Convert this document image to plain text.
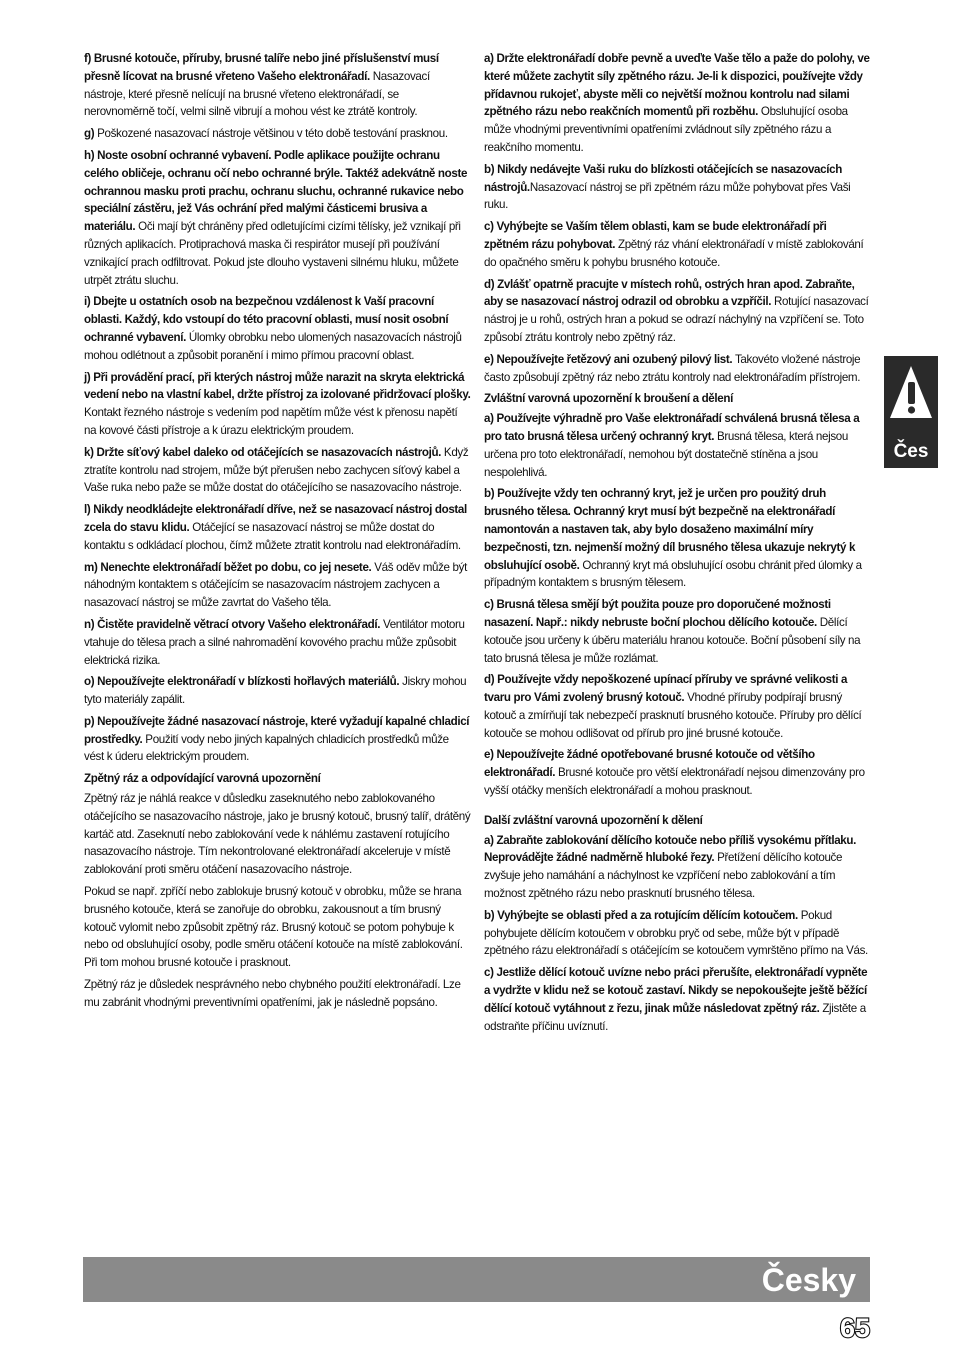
f) Brusné kotouče, příruby, brusné talíře nebo jiné příslušenství musí přesně lícovat na brusné vřeteno Vašeho elektronářadí. Nasazovací nástroje, které přesně nelícují na brusné vřeteno elektronářadí, se nerovnoměrně točí, velmi silně vibrují a mohou vést ke ztrátě kontroly.

g) Poškozené nasazovací nástroje většinou v této době testování prasknou.

h) Noste osobní ochranné vybavení. Podle aplikace použijte ochranu celého obličeje, ochranu očí nebo ochranné brýle. Taktéž adekvátně noste ochrannou masku proti prachu, ochranu sluchu, ochranné rukavice nebo speciální zástěru, jež Vás ochrání před malými částicemi brusiva a materiálu. Oči mají být chráněny před odletujícími cizími tělísky, jež vznikají při různých aplikacích. Protiprachová maska či respirátor musejí při používání vznikající prach odfiltrovat. Pokud jste dlouho vystaveni silnému hluku, můžete utrpět ztrátu sluchu.

i) Dbejte u ostatních osob na bezpečnou vzdálenost k Vaší pracovní oblasti. Každý, kdo vstoupí do této pracovní oblasti, musí nosit osobní ochranné vybavení. Úlomky obrobku nebo ulomených nasazovacích nástrojů mohou odlétnout a způsobit poranění i mimo přímou pracovní oblast.

j) Při provádění prací, při kterých nástroj může narazit na skryta elektrická vedení nebo na vlastní kabel, držte přístroj za izolované přidržovací plošky. Kontakt řezného nástroje s vedením pod napětím může vést k přenosu napětí na kovové části přístroje a k úrazu elektrickým proudem.

k) Držte síťový kabel daleko od otáčejících se nasazovacích nástrojů. Když ztratíte kontrolu nad strojem, může být přerušen nebo zachycen síťový kabel a Vaše ruka nebo paže se může dostat do otáčejícího se nasazovacího nástroje.

l) Nikdy neodkládejte elektronářadí dříve, než se nasazovací nástroj dostal zcela do stavu klidu. Otáčející se nasazovací nástroj se může dostat do kontaktu s odkládací plochou, čímž můžete ztratit kontrolu nad elektronářadím.

m) Nenechte elektronářadí běžet po dobu, co jej nesete. Váš oděv může být náhodným kontaktem s otáčejícím se nasazovacím nástrojem zachycen a nasazovací nástroj se může zavrtat do Vašeho těla.

n) Čistěte pravidelně větrací otvory Vašeho elektronářadí. Ventilátor motoru vtahuje do tělesa prach a silné nahromadění kovového prachu může způsobit elektrická rizika.

o) Nepoužívejte elektronářadí v blízkosti hořlavých materiálů. Jiskry mohou tyto materiály zapálit.

p) Nepoužívejte žádné nasazovací nástroje, které vyžadují kapalné chladicí prostředky. Použití vody nebo jiných kapalných chladicích prostředků může vést k úderu elektrickým proudem.

Zpětný ráz a odpovídající varovná upozornění

Zpětný ráz je náhlá reakce v důsledku zaseknutého nebo zablokovaného otáčejícího se nasazovacího nástroje, jako je brusný kotouč, brusný talíř, drátěný kartáč atd. Zaseknutí nebo zablokování vede k náhlému zastavení rotujícího nasazovacího nástroje. Tím nekontrolované elektronářadí akceleruje v místě zablokování proti směru otáčení nasazovacího nástroje.

Pokud se např. zpříčí nebo zablokuje brusný kotouč v obrobku, může se hrana brusného kotouče, která se zanořuje do obrobku, zakousnout a tím brusný kotouč vylomit nebo způsobit zpětný ráz. Brusný kotouč se potom pohybuje k nebo od obsluhující osoby, podle směru otáčení kotouče na místě zablokování. Při tom mohou brusné kotouče i prasknout.

Zpětný ráz je důsledek nesprávného nebo chybného použití elektronářadí. Lze mu zabránit vhodnými preventivními opatřeními, jak je následně popsáno.

a) Držte elektronářadí dobře pevně a uveďte Vaše tělo a paže do polohy, ve které můžete zachytit síly zpětného rázu. Je-li k dispozici, používejte vždy přídavnou rukojeť, abyste měli co největší možnou kontrolu nad silami zpětného rázu nebo reakčních momentů při rozběhu. Obsluhující osoba může vhodnými preventivními opatřeními zvládnout síly zpětného rázu a reakčního momentu.

b) Nikdy nedávejte Vaši ruku do blízkosti otáčejících se nasazovacích nástrojů.Nasazovací nástroj se při zpětném rázu může pohybovat přes Vaši ruku.

c) Vyhýbejte se Vaším tělem oblasti, kam se bude elektronářadí při zpětném rázu pohybovat. Zpětný ráz vhání elektronářadí v místě zablokování do opačného směru k pohybu brusného kotouče.

d) Zvlášť opatrně pracujte v místech rohů, ostrých hran apod. Zabraňte, aby se nasazovací nástroj odrazil od obrobku a vzpříčil. Rotující nasazovací nástroj je u rohů, ostrých hran a pokud se odrazí náchylný na vzpříčení se. Toto způsobí ztrátu kontroly nebo zpětný ráz.

e) Nepoužívejte řetězový ani ozubený pilový list. Takovéto vložené nástroje často způsobují zpětný ráz nebo ztrátu kontroly nad elektronářadím přístrojem.

Zvláštní varovná upozornění k broušení a dělení

a) Používejte výhradně pro Vaše elektronářadí schválená brusná tělesa a pro tato brusná tělesa určený ochranný kryt. Brusná tělesa, která nejsou určena pro toto elektronářadí, nemohou být dostatečně stíněna a jsou nespolehlivá.

b) Používejte vždy ten ochranný kryt, jež je určen pro použitý druh brusného tělesa. Ochranný kryt musí být bezpečně na elektronářadí namontován a nastaven tak, aby bylo dosaženo maximální míry bezpečnosti, tzn. nejmenší možný díl brusného tělesa ukazuje nekrytý k obsluhující osobě. Ochranný kryt má obsluhující osobu chránit před úlomky a případným kontaktem s brusným tělesem.

c) Brusná tělesa smějí být použita pouze pro doporučené možnosti nasazení. Např.: nikdy nebruste boční plochou dělícího kotouče. Dělící kotouče jsou určeny k úběru materiálu hranou kotouče. Boční působení síly na tato brusná tělesa je může rozlámat.

d) Používejte vždy nepoškozené upínací příruby ve správné velikosti a tvaru pro Vámi zvolený brusný kotouč. Vhodné příruby podpírají brusný kotouč a zmírňují tak nebezpečí prasknutí brusného kotouče. Příruby pro dělící kotouče se mohou odlišovat od přírub pro jiné brusné kotouče.

e) Nepoužívejte žádné opotřebované brusné kotouče od většího elektronářadí. Brusné kotouče pro větší elektronářadí nejsou dimenzovány pro vyšší otáčky menších elektronářadí a mohou prasknout.

Další zvláštní varovná upozornění k dělení

a) Zabraňte zablokování dělícího kotouče nebo příliš vysokému přítlaku. Neprovádějte žádné nadměrně hluboké řezy. Přetížení dělícího kotouče zvyšuje jeho namáhání a náchylnost ke vzpříčení nebo zablokování a tím možnost zpětného rázu nebo prasknutí brusného tělesa.

b) Vyhýbejte se oblasti před a za rotujícím dělícím kotoučem. Pokud pohybujete dělícím kotoučem v obrobku pryč od sebe, může být v případě zpětného rázu elektronářadí s otáčejícím se kotoučem vymrštěno přímo na Vás.

c) Jestliže dělící kotouč uvízne nebo práci přerušíte, elektronářadí vypněte a vydržte v klidu než se kotouč zastaví. Nikdy se nepokoušejte ještě běžící dělící kotouč vytáhnout z řezu, jinak může následovat zpětný ráz. Zjistěte a odstraňte příčinu uvíznutí.

Čes
Česky
65
